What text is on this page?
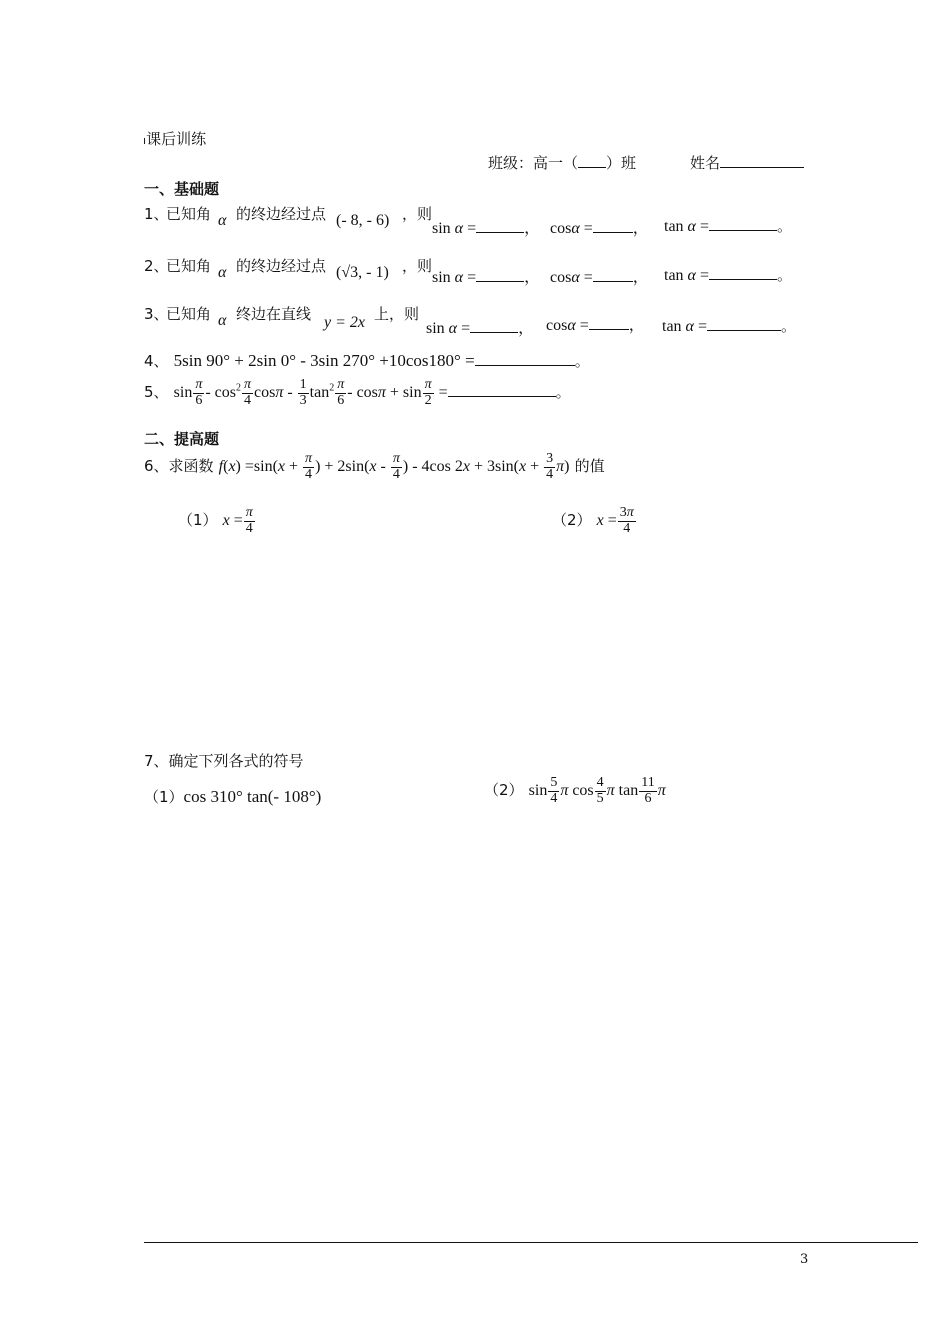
ı课后训练
班级：高一（ ）班	姓名
一、基础题
1、
已知角 α 的终边经过点 (- 8, - 6) ，则
sin α =	， cosα =	， tan α =	。
2、
已知角 α 的终边经过点 (√3, - 1) ，则
sin α =	， cosα =	， tan α =	。
3、
已知角 α 终边在直线 y = 2x 上，则
sin α =	， cosα =	， tan α =	。
4、 5sin 90° + 2sin 0° - 3sin 270° +10cos180° =	。
5、 $\sin \frac{\pi}{6} - \cos^2 \frac{\pi}{4}$ $\cos\pi - \frac{1}{3} \tan^2 \frac{\pi}{6} - \cos\pi + \sin \frac{\pi}{2}$ =	。
二、提高题
6、求函数 $f(x) =\sin(x + \frac{\pi}{4}$ ) + $2\sin(x - \frac{\pi}{4}$ ) - 4cos $2x + 3\sin(x + \frac{3}{4} \pi)$ 的值
（1） $x = \frac{\pi}{4}$	（2） $x = \frac{3\pi}{4}$
7、确定下列各式的符号
（1）cos 310° tan(- 108°)	（2） $\sin \frac{5}{4}$ π $\cos \frac{4}{5}$ π $\tan \frac{11}{6}$ π
3
